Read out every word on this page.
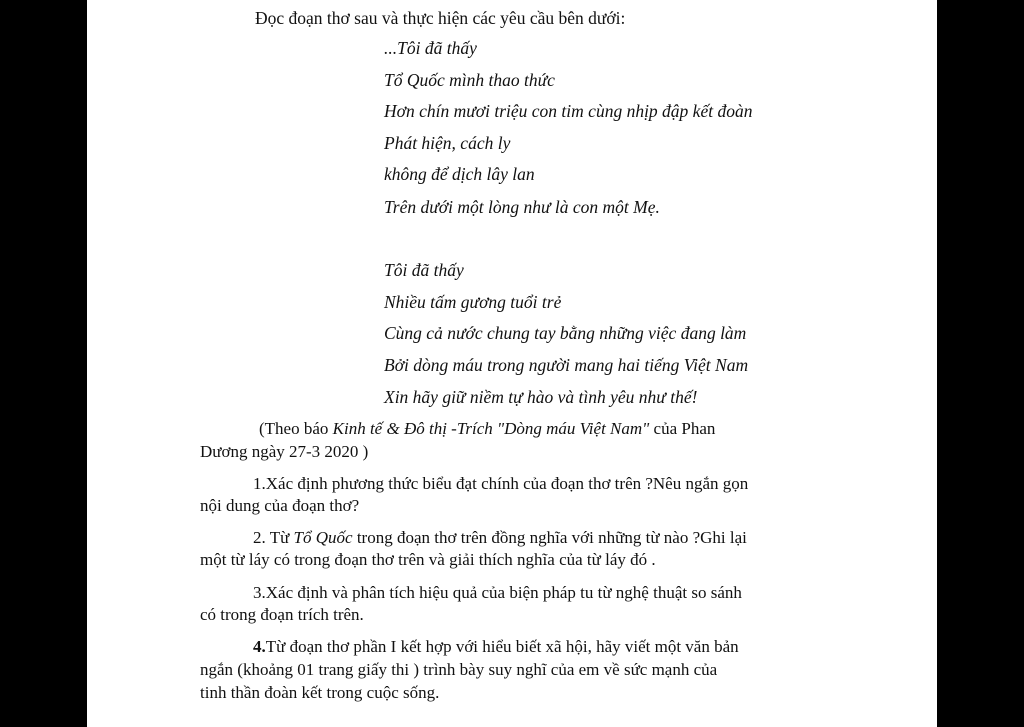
Đọc đoạn thơ sau và thực hiện các yêu cầu bên dưới:
...Tôi đã thấy
Tổ Quốc mình thao thức
Hơn chín mươi triệu con tim cùng nhịp đập kết đoàn
Phát hiện, cách ly
không để dịch lây lan
Trên dưới một lòng như là con một Mẹ.
Tôi đã thấy
Nhiều tấm gương tuổi trẻ
Cùng cả nước chung tay bằng những việc đang làm
Bởi dòng máu trong người mang hai tiếng Việt Nam
Xin hãy giữ niềm tự hào và tình yêu như thế!
(Theo báo Kinh tế & Đô thị -Trích "Dòng máu Việt Nam" của Phan
Dương ngày 27-3 2020 )
1.Xác định phương thức biểu đạt chính của đoạn thơ trên ?Nêu ngắn gọn
nội dung của đoạn thơ?
2. Từ Tổ Quốc trong đoạn thơ trên đồng nghĩa với những từ nào ?Ghi lại
một từ láy có trong đoạn thơ trên và giải thích nghĩa của từ láy đó .
3.Xác định và phân tích hiệu quả của biện pháp tu từ nghệ thuật so sánh
có trong đoạn trích trên.
4.Từ đoạn thơ phần I kết hợp với hiểu biết xã hội, hãy viết một văn bản
ngắn (khoảng 01 trang giấy thi ) trình bày suy nghĩ của em về sức mạnh của
tinh thần đoàn kết trong cuộc sống.
